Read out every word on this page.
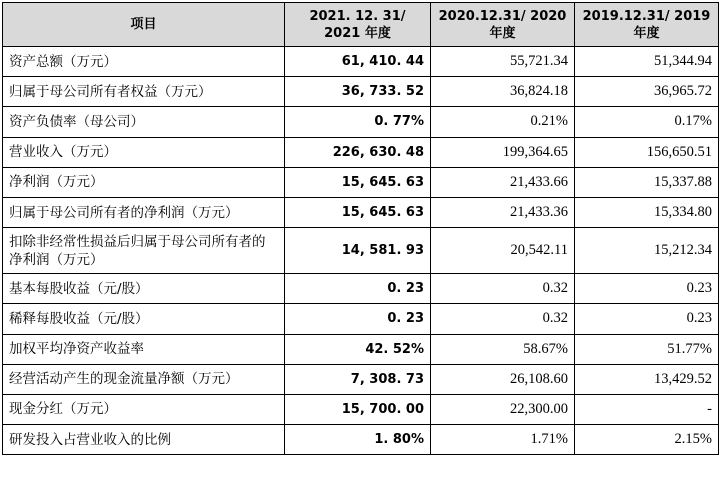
项目	2021. 12. 31/ 2021 年度	2020.12.31/ 2020 年度	2019.12.31/ 2019 年度
资产总额（万元）	61, 410. 44	55,721.34	51,344.94
归属于母公司所有者权益（万元）	36, 733. 52	36,824.18	36,965.72
资产负债率（母公司）	0. 77%	0.21%	0.17%
营业收入（万元）	226, 630. 48	199,364.65	156,650.51
净利润（万元）	15, 645. 63	21,433.66	15,337.88
归属于母公司所有者的净利润（万元）	15, 645. 63	21,433.36	15,334.80
扣除非经常性损益后归属于母公司所有者的净利润（万元）	14, 581. 93	20,542.11	15,212.34
基本每股收益（元/股）	0. 23	0.32	0.23
稀释每股收益（元/股）	0. 23	0.32	0.23
加权平均净资产收益率	42. 52%	58.67%	51.77%
经营活动产生的现金流量净额（万元）	7, 308. 73	26,108.60	13,429.52
现金分红（万元）	15, 700. 00	22,300.00	-
研发投入占营业收入的比例	1. 80%	1.71%	2.15%
